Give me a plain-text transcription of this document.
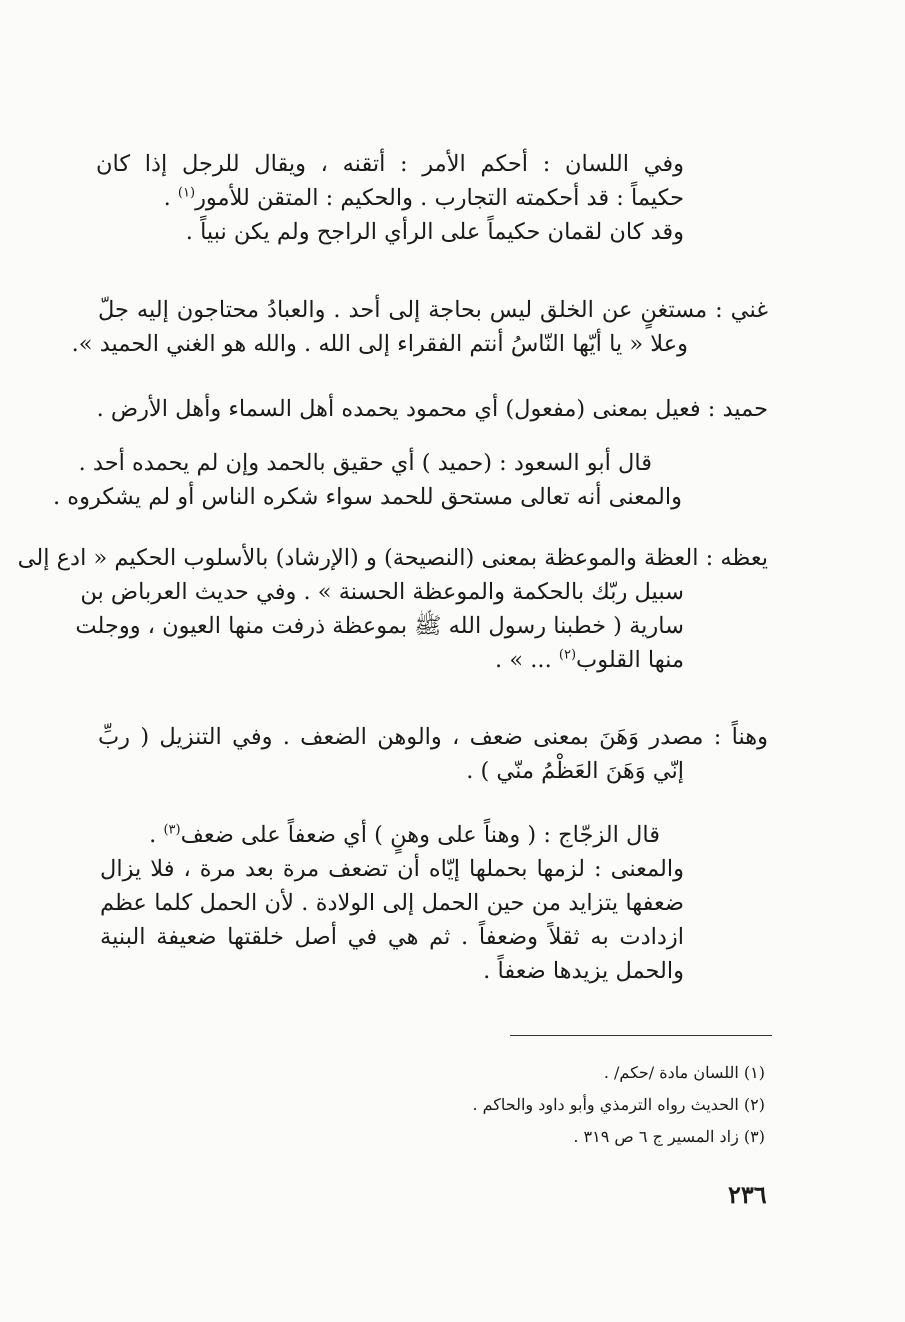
وفي اللسان : أحكم الأمر : أتقنه ، ويقال للرجل إذا كان
حكيماً : قد أحكمته التجارب . والحكيم : المتقن للأمور$^{(١)}$ .
وقد كان لقمان حكيماً على الرأي الراجح ولم يكن نبياً .
غني : مستغنٍ عن الخلق ليس بحاجة إلى أحد . والعبادُ محتاجون إليه جلّ
وعلا « يا أيّها النّاسُ أنتم الفقراء إلى الله . والله هو الغني الحميد ».
حميد : فعيل بمعنى (مفعول) أي محمود يحمده أهل السماء وأهل الأرض .
قال أبو السعود : (حميد ) أي حقيق بالحمد وإن لم يحمده أحد .
والمعنى أنه تعالى مستحق للحمد سواء شكره الناس أو لم يشكروه .
يعظه : العظة والموعظة بمعنى (النصيحة) و (الإرشاد) بالأسلوب الحكيم « ادع إلى
سبيل ربّك بالحكمة والموعظة الحسنة » . وفي حديث العرباض بن
سارية ( خطبنا رسول الله ﷺ بموعظة ذرفت منها العيون ، ووجلت
منها القلوب$^{(٢)}$ ... » .
وهناً : مصدر وَهَنَ بمعنى ضعف ، والوهن الضعف . وفي التنزيل ( ربِّ
إنّي وَهَنَ العَظْمُ منّي ) .
قال الزجّاج : ( وهناً على وهنٍ ) أي ضعفاً على ضعف$^{(٣)}$ .
والمعنى : لزمها بحملها إيّاه أن تضعف مرة بعد مرة ، فلا يزال
ضعفها يتزايد من حين الحمل إلى الولادة . لأن الحمل كلما عظم
ازدادت به ثقلاً وضعفاً . ثم هي في أصل خلقتها ضعيفة البنية
والحمل يزيدها ضعفاً .
(١) اللسان مادة /حكم/ .
(٢) الحديث رواه الترمذي وأبو داود والحاكم .
(٣) زاد المسير ج ٦ ص ٣١٩ .
٢٣٦
